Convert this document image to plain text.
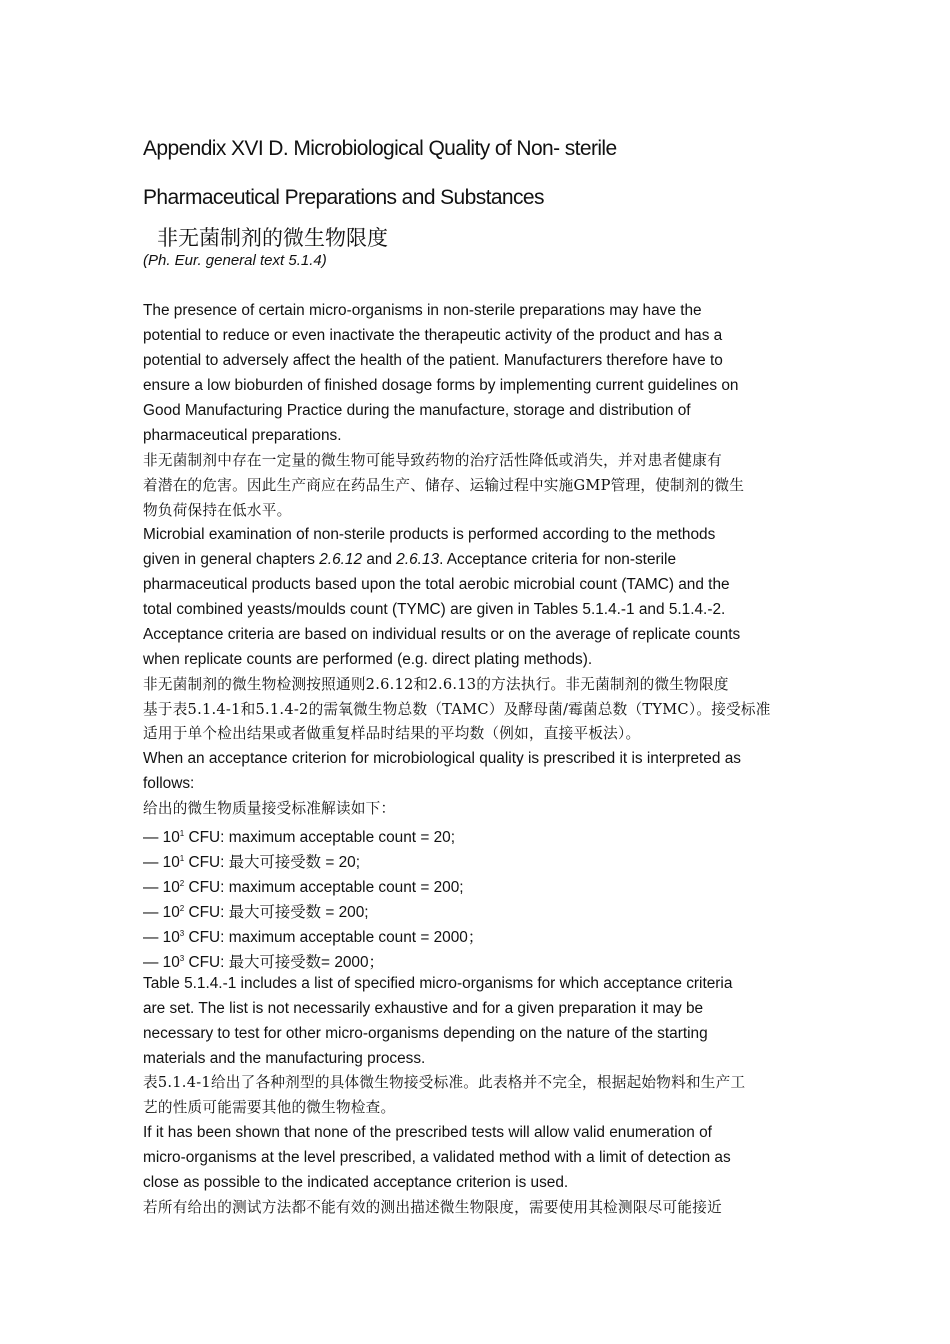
Appendix XVI D. Microbiological Quality of Non- sterile
Pharmaceutical Preparations and Substances
非无菌制剂的微生物限度
(Ph. Eur. general text 5.1.4)
The presence of certain micro-organisms in non-sterile preparations may have the
potential to reduce or even inactivate the therapeutic activity of the product and has a
potential to adversely affect the health of the patient. Manufacturers therefore have to
ensure a low bioburden of finished dosage forms by implementing current guidelines on
Good Manufacturing Practice during the manufacture, storage and distribution of
pharmaceutical preparations.
非无菌制剂中存在一定量的微生物可能导致药物的治疗活性降低或消失，并对患者健康有
着潜在的危害。因此生产商应在药品生产、储存、运输过程中实施GMP管理，使制剂的微生
物负荷保持在低水平。
Microbial examination of non-sterile products is performed according to the methods
given in general chapters 2.6.12 and 2.6.13. Acceptance criteria for non-sterile
pharmaceutical products based upon the total aerobic microbial count (TAMC) and the
total combined yeasts/moulds count (TYMC) are given in Tables 5.1.4.-1 and 5.1.4.-2.
Acceptance criteria are based on individual results or on the average of replicate counts
when replicate counts are performed (e.g. direct plating methods).
非无菌制剂的微生物检测按照通则2.6.12和2.6.13的方法执行。非无菌制剂的微生物限度
基于表5.1.4-1和5.1.4-2的需氧微生物总数（TAMC）及酵母菌/霉菌总数（TYMC）。接受标准
适用于单个检出结果或者做重复样品时结果的平均数（例如，直接平板法）。
When an acceptance criterion for microbiological quality is prescribed it is interpreted as
follows:
给出的微生物质量接受标准解读如下：
— $10^1$ CFU: maximum acceptable count = 20;
— $10^1$ CFU: 最大可接受数 = 20;
— $10^2$ CFU: maximum acceptable count = 200;
— $10^2$ CFU: 最大可接受数 = 200;
— $10^3$ CFU: maximum acceptable count = 2000；
— $10^3$ CFU: 最大可接受数= 2000；
Table 5.1.4.-1 includes a list of specified micro-organisms for which acceptance criteria
are set. The list is not necessarily exhaustive and for a given preparation it may be
necessary to test for other micro-organisms depending on the nature of the starting
materials and the manufacturing process.
表5.1.4-1给出了各种剂型的具体微生物接受标准。此表格并不完全，根据起始物料和生产工
艺的性质可能需要其他的微生物检查。
If it has been shown that none of the prescribed tests will allow valid enumeration of
micro-organisms at the level prescribed, a validated method with a limit of detection as
close as possible to the indicated acceptance criterion is used.
若所有给出的测试方法都不能有效的测出描述微生物限度，需要使用其检测限尽可能接近
